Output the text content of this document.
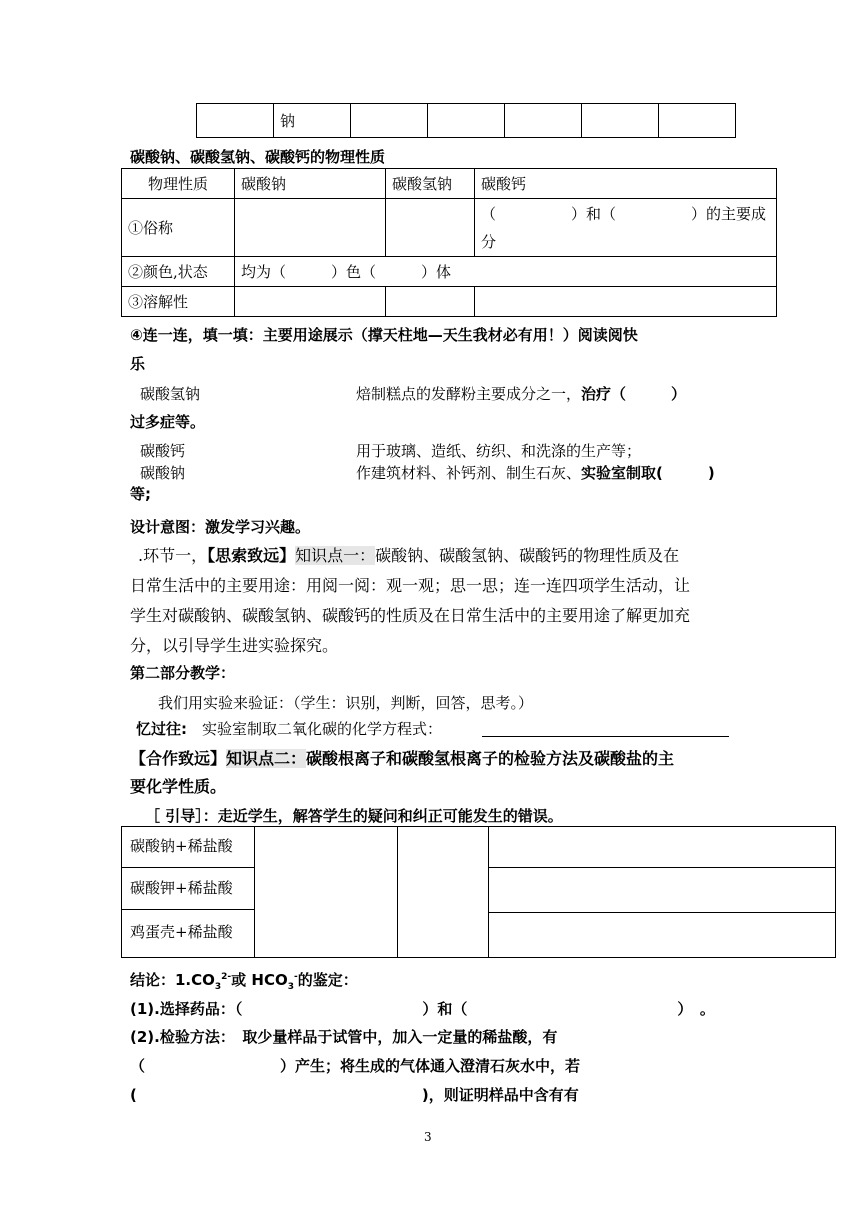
	钠					
碳酸钠、碳酸氢钠、碳酸钙的物理性质
物理性质	碳酸钠	碳酸氢钠	碳酸钙
①俗称			（　　　　　）和（　　　　　）的主要成
分

②颜色,状态	均为（　　　）色（　　　）体		
③溶解性			
④连一连，填一填：主要用途展示（撑天柱地—天生我材必有用！）阅读阅快
乐
碳酸氢钠	焙制糕点的发酵粉主要成分之一，治疗（　　　）
过多症等。
碳酸钙	用于玻璃、造纸、纺织、和洗涤的生产等；
碳酸钠	作建筑材料、补钙剂、制生石灰、实验室制取(　　　)
等;
设计意图：激发学习兴趣。
.环节一，【思索致远】知识点一：碳酸钠、碳酸氢钠、碳酸钙的物理性质及在
日常生活中的主要用途：用阅一阅：观一观；思一思；连一连四项学生活动，让
学生对碳酸钠、碳酸氢钠、碳酸钙的性质及在日常生活中的主要用途了解更加充
分，以引导学生进实验探究。
第二部分教学：
我们用实验来验证：（学生：识别，判断，回答，思考。）
忆过往:　 实验室制取二氧化碳的化学方程式：
【合作致远】知识点二：碳酸根离子和碳酸氢根离子的检验方法及碳酸盐的主
要化学性质。
［ 引导］：走近学生，解答学生的疑问和纠正可能发生的错误。
碳酸钠+稀盐酸
碳酸钾+稀盐酸
鸡蛋壳+稀盐酸
结论：$1.CO_3^{2-}$或 $HCO_3^-$的鉴定：
(1).选择药品：（　　　　　　　　　　　　）和（　　　　　　　　　　　　　　）　。
(2).检验方法：　取少量样品于试管中，加入一定量的稀盐酸，有
（　　　　　　　　　）产生；将生成的气体通入澄清石灰水中，若
(　　　　　　　　　　　　　　　　　　　)，则证明样品中含有有
3
